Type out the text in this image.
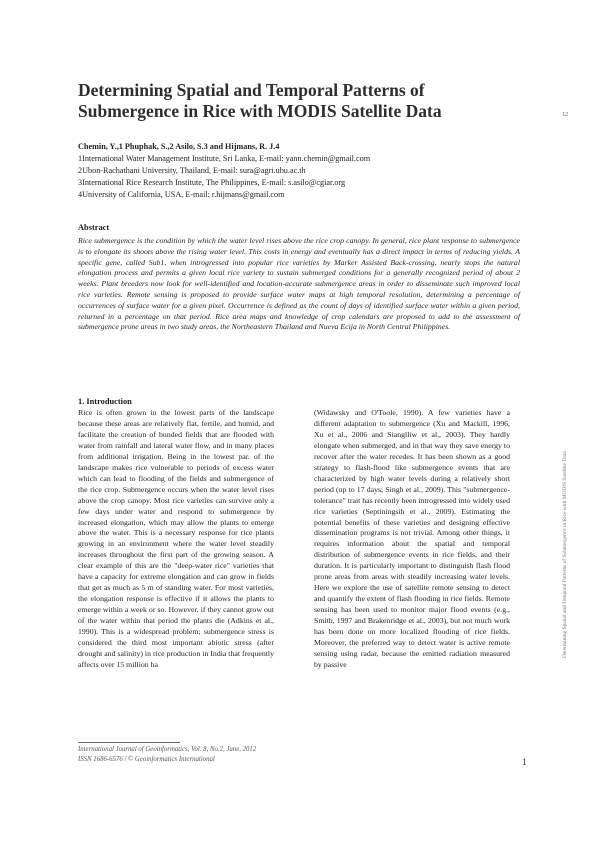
Determining Spatial and Temporal Patterns of Submergence in Rice with MODIS Satellite Data
Chemin, Y.,1 Phuphak, S.,2 Asilo, S.3 and Hijmans, R. J.4
1International Water Management Institute, Sri Lanka, E-mail: yann.chemin@gmail.com
2Ubon-Rachathani University, Thailand, E-mail: sura@agri.ubu.ac.th
3International Rice Research Institute, The Philippines, E-mail: s.asilo@cgiar.org
4University of California, USA, E-mail: r.hijmans@gmail.com
Abstract

Rice submergence is the condition by which the water level rises above the rice crop canopy. In general, rice plant response to submergence is to elongate its shoots above the rising water level. This costs in energy and eventually has a direct impact in terms of reducing yields. A specific gene, called Sub1, when introgressed into popular rice varieties by Marker Assisted Back-crossing, nearly stops the natural elongation process and permits a given local rice variety to sustain submerged conditions for a generally recognized period of about 2 weeks. Plant breeders now look for well-identified and location-accurate submergence areas in order to disseminate such improved local rice varieties. Remote sensing is proposed to provide surface water maps at high temporal resolution, determining a percentage of occurrences of surface water for a given pixel. Occurrence is defined as the count of days of identified surface water within a given period, returned in a percentage on that period. Rice area maps and knowledge of crop calendars are proposed to add to the assessment of submergence prone areas in two study areas, the Northeastern Thailand and Nueva Ecija in North Central Philippines.

1. Introduction

Rice is often grown in the lowest parts of the landscape because these areas are relatively flat, fertile, and humid, and facilitate the creation of bunded fields that are flooded with water from rainfall and lateral water flow, and in many places from additional irrigation. Being in the lowest par. of the landscape makes rice vulnerable to periods of excess water which can lead to flooding of the fields and submergence of the rice crop. Submergence occurs when the water level rises above the crop canopy. Most rice varieties can survive only a few days under water and respond to submergence by increased elongation, which may allow the plants to emerge above the water. This is a necessary response for rice plants growing in an environment where the water level steadily increases throughout the first part of the growing season. A clear example of this are the "deep-water rice" varieties that have a capacity for extreme elongation and can grow in fields that get as much as 5 m of standing water. For most varieties, the elongation response is effective if it allows the plants to emerge within a week or so. However, if they cannot grow out of the water within that period the plants die (Adkins et al., 1990). This is a widespread problem; submergence stress is considered the third most important abiotic stress (after drought and salinity) in rice production in India that frequently affects over 15 million ha

(Widawsky and O'Toole, 1990). A few varieties have a different adaptation to submergence (Xu and Mackill, 1996, Xu et al., 2006 and Sianglliw et al., 2003). They hardly elongate when submerged, and in that way they save energy to recover after the water recedes. It has been shown as a good strategy to flash-flood like submergence events that are characterized by high water levels during a relatively short period (up to 17 days; Singh et al., 2009). This "submergence-tolerance" trait has recently been introgressed into widely used rice varieties (Septiningsih et al., 2009). Estimating the potential benefits of these varieties and designing effective dissemination programs is not trivial. Among other things, it requires information about the spatial and temporal distribution of submergence events in rice fields, and their duration. It is particularly important to distinguish flash flood prone areas from areas with steadily increasing water levels. Here we explore the use of satellite remote sensing to detect and quantify the extent of flash flooding in rice fields. Remote sensing has been used to monitor major flood events (e.g., Smith, 1997 and Brakenridge et al., 2003), but not much work has been done on more localized flooding of rice fields. Moreover, the preferred way to detect water is active remote sensing using radar, because the emitted radiation measured by passive

International Journal of Geoinformatics, Vol. 8, No.2, June, 2012
ISSN 1686-6576 / © Geoinformatics International	1
12
Determining Spatial and Temporal Patterns of Submergence in Rice with MODIS Satellite Data
